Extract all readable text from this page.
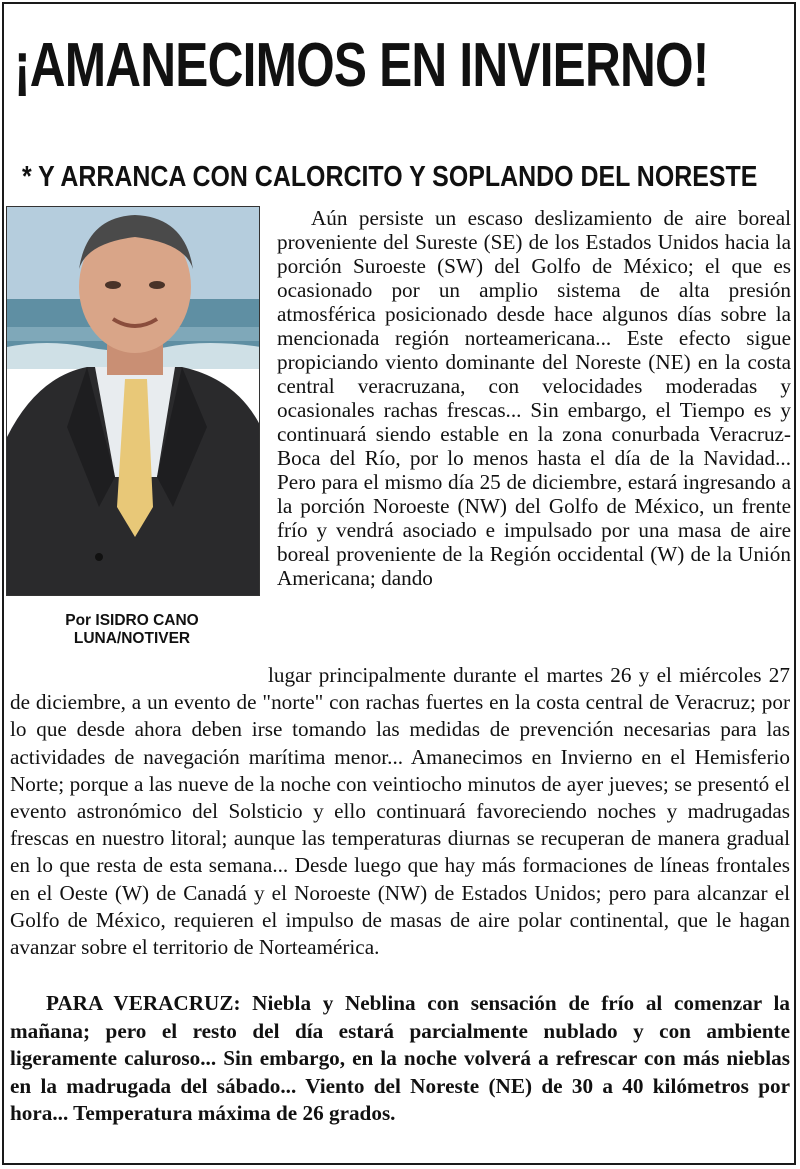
¡AMANECIMOS EN INVIERNO!
* Y ARRANCA CON CALORCITO Y SOPLANDO DEL NORESTE
Por ISIDRO CANO
LUNA/NOTIVER

Aún persiste un escaso deslizamiento de aire boreal proveniente del Sureste (SE) de los Estados Unidos hacia la porción Suroeste (SW) del Golfo de México; el que es ocasionado por un amplio sistema de alta presión atmosférica posicionado desde hace algunos días sobre la mencionada región norteamericana... Este efecto sigue propiciando viento dominante del Noreste (NE) en la costa central veracruzana, con velocidades moderadas y ocasionales rachas frescas... Sin embargo, el Tiempo es y continuará siendo estable en la zona conurbada Veracruz-Boca del Río, por lo menos hasta el día de la Navidad... Pero para el mismo día 25 de diciembre, estará ingresando a la porción Noroeste (NW) del Golfo de México, un frente frío y vendrá asociado e impulsado por una masa de aire boreal proveniente de la Región occidental (W) de la Unión Americana; dando

lugar principalmente durante el martes 26 y el miércoles 27 de diciembre, a un evento de "norte" con rachas fuertes en la costa central de Veracruz; por lo que desde ahora deben irse tomando las medidas de prevención necesarias para las actividades de navegación marítima menor... Amanecimos en Invierno en el Hemisferio Norte; porque a las nueve de la noche con veintiocho minutos de ayer jueves; se presentó el evento astronómico del Solsticio y ello continuará favoreciendo noches y madrugadas frescas en nuestro litoral; aunque las temperaturas diurnas se recuperan de manera gradual en lo que resta de esta semana... Desde luego que hay más formaciones de líneas frontales en el Oeste (W) de Canadá y el Noroeste (NW) de Estados Unidos; pero para alcanzar el Golfo de México, requieren el impulso de masas de aire polar continental, que le hagan avanzar sobre el territorio de Norteamérica.

PARA VERACRUZ: Niebla y Neblina con sensación de frío al comenzar la mañana; pero el resto del día estará parcialmente nublado y con ambiente ligeramente caluroso... Sin embargo, en la noche volverá a refrescar con más nieblas en la madrugada del sábado... Viento del Noreste (NE) de 30 a 40 kilómetros por hora... Temperatura máxima de 26 grados.
